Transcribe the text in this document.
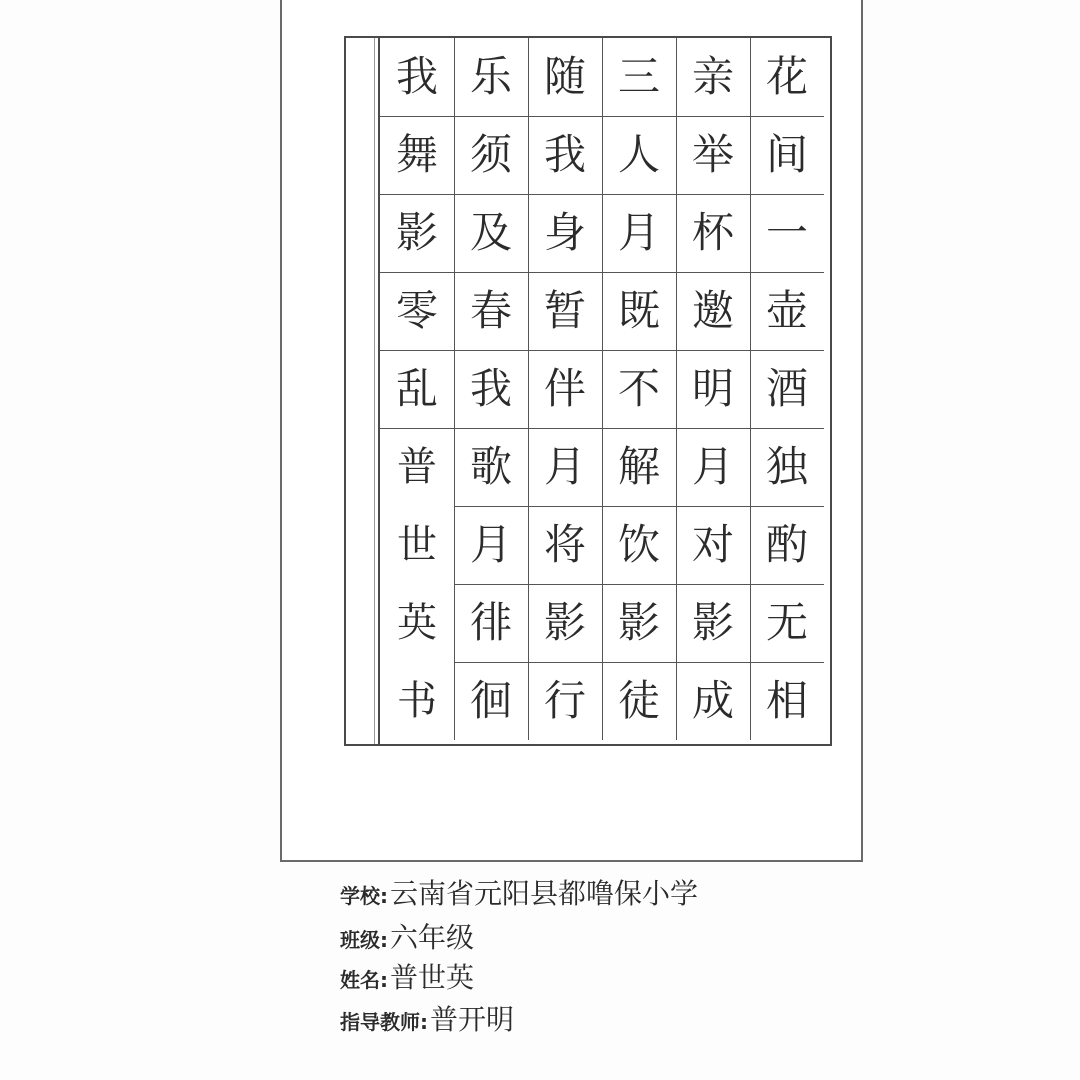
花
间
一
壶
酒
独
酌
无
相
亲
举
杯
邀
明
月
对
影
成
三
人
月
既
不
解
饮
影
徒
随
我
身
暂
伴
月
将
影
行
乐
须
及
春
我
歌
月
徘
徊
我
舞
影
零
乱
普
世
英
书
学校: 云南省元阳县都噜保小学
班级: 六年级
姓名: 普世英
指导教师: 普开明
